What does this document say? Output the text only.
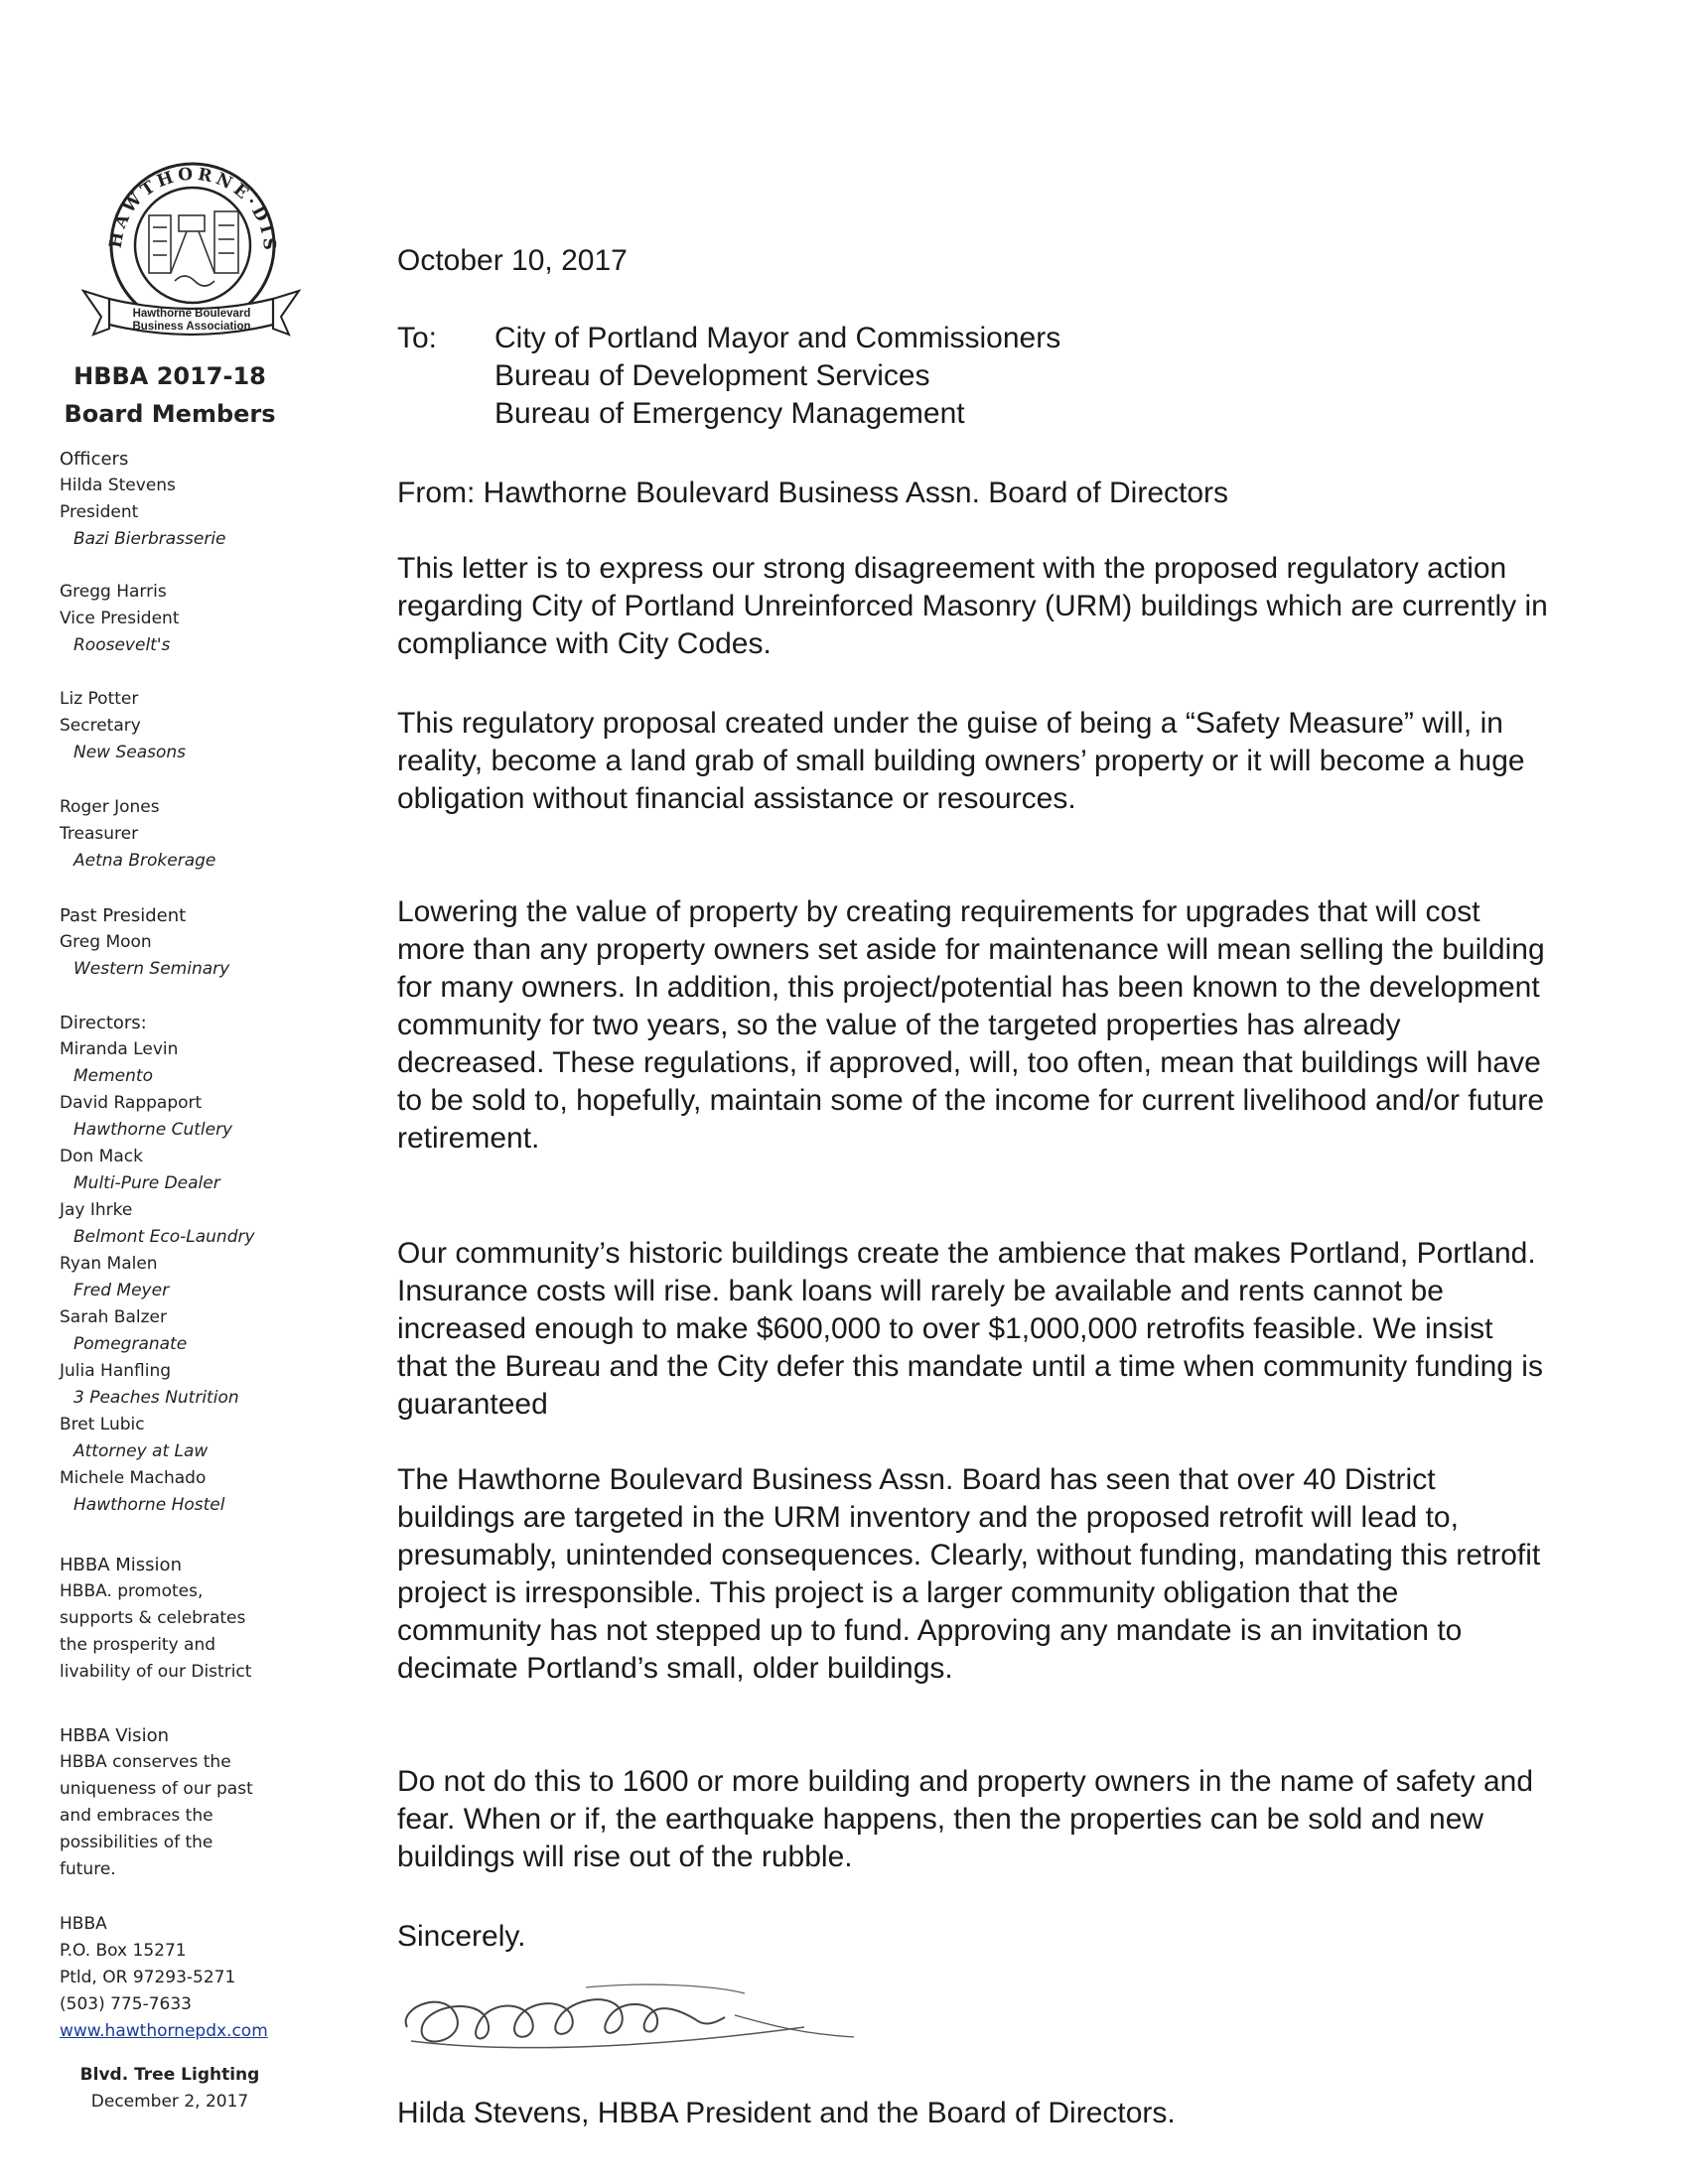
HAWTHORNE·DIS
Hawthorne Boulevard
Business Association
HBBA 2017-18
Board Members
Officers
Hilda Stevens
President
Bazi Bierbrasserie
Gregg Harris
Vice President
Roosevelt's
Liz Potter
Secretary
New Seasons
Roger Jones
Treasurer
Aetna Brokerage
Past President
Greg Moon
Western Seminary
Directors:
Miranda Levin
Memento
David Rappaport
Hawthorne Cutlery
Don Mack
Multi-Pure Dealer
Jay Ihrke
Belmont Eco-Laundry
Ryan Malen
Fred Meyer
Sarah Balzer
Pomegranate
Julia Hanfling
3 Peaches Nutrition
Bret Lubic
Attorney at Law
Michele Machado
Hawthorne Hostel
HBBA Mission
HBBA. promotes,
supports & celebrates
the prosperity and
livability of our District
HBBA Vision
HBBA conserves the
uniqueness of our past
and embraces the
possibilities of the
future.
HBBA
P.O. Box 15271
Ptld, OR 97293-5271
(503) 775-7633
www.hawthornepdx.com
Blvd. Tree Lighting
December 2, 2017
October 10, 2017
To: City of Portland Mayor and Commissioners
Bureau of Development Services
Bureau of Emergency Management
From: Hawthorne Boulevard Business Assn. Board of Directors

This letter is to express our strong disagreement with the proposed regulatory action regarding City of Portland Unreinforced Masonry (URM) buildings which are currently in compliance with City Codes.

This regulatory proposal created under the guise of being a “Safety Measure” will, in reality, become a land grab of small building owners’ property or it will become a huge obligation without financial assistance or resources.

Lowering the value of property by creating requirements for upgrades that will cost more than any property owners set aside for maintenance will mean selling the building for many owners. In addition, this project/potential has been known to the development community for two years, so the value of the targeted properties has already decreased. These regulations, if approved, will, too often, mean that buildings will have to be sold to, hopefully, maintain some of the income for current livelihood and/or future retirement.

Our community’s historic buildings create the ambience that makes Portland, Portland. Insurance costs will rise. bank loans will rarely be available and rents cannot be increased enough to make $600,000 to over $1,000,000 retrofits feasible. We insist that the Bureau and the City defer this mandate until a time when community funding is guaranteed

The Hawthorne Boulevard Business Assn. Board has seen that over 40 District buildings are targeted in the URM inventory and the proposed retrofit will lead to, presumably, unintended consequences. Clearly, without funding, mandating this retrofit project is irresponsible. This project is a larger community obligation that the community has not stepped up to fund. Approving any mandate is an invitation to decimate Portland’s small, older buildings.

Do not do this to 1600 or more building and property owners in the name of safety and fear. When or if, the earthquake happens, then the properties can be sold and new buildings will rise out of the rubble.

Sincerely.
Hilda Stevens, HBBA President and the Board of Directors.
